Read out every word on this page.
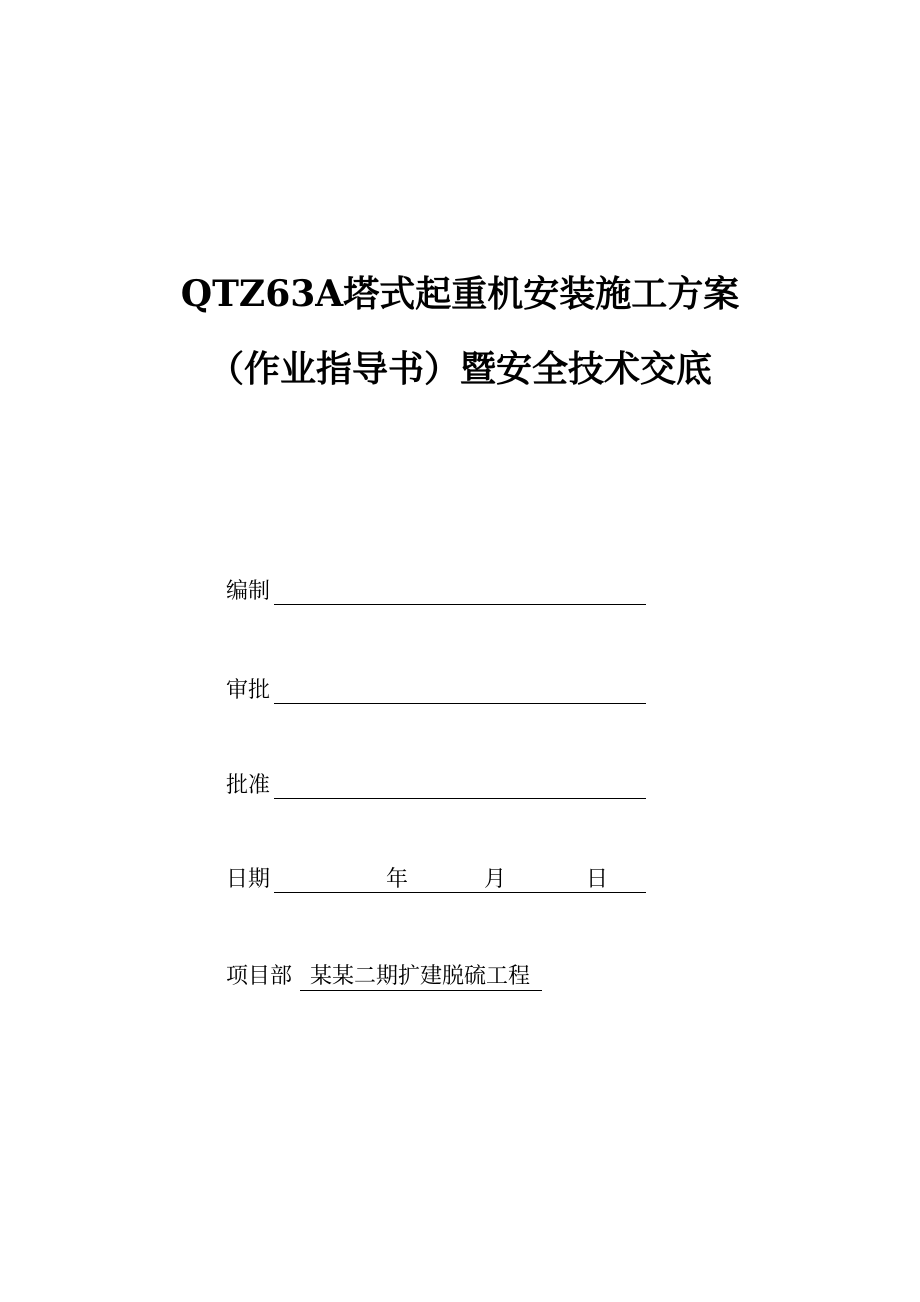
QTZ63A塔式起重机安装施工方案
（作业指导书）暨安全技术交底
编制
审批
批准
日期	年	月	日
项目部 某某二期扩建脱硫工程
